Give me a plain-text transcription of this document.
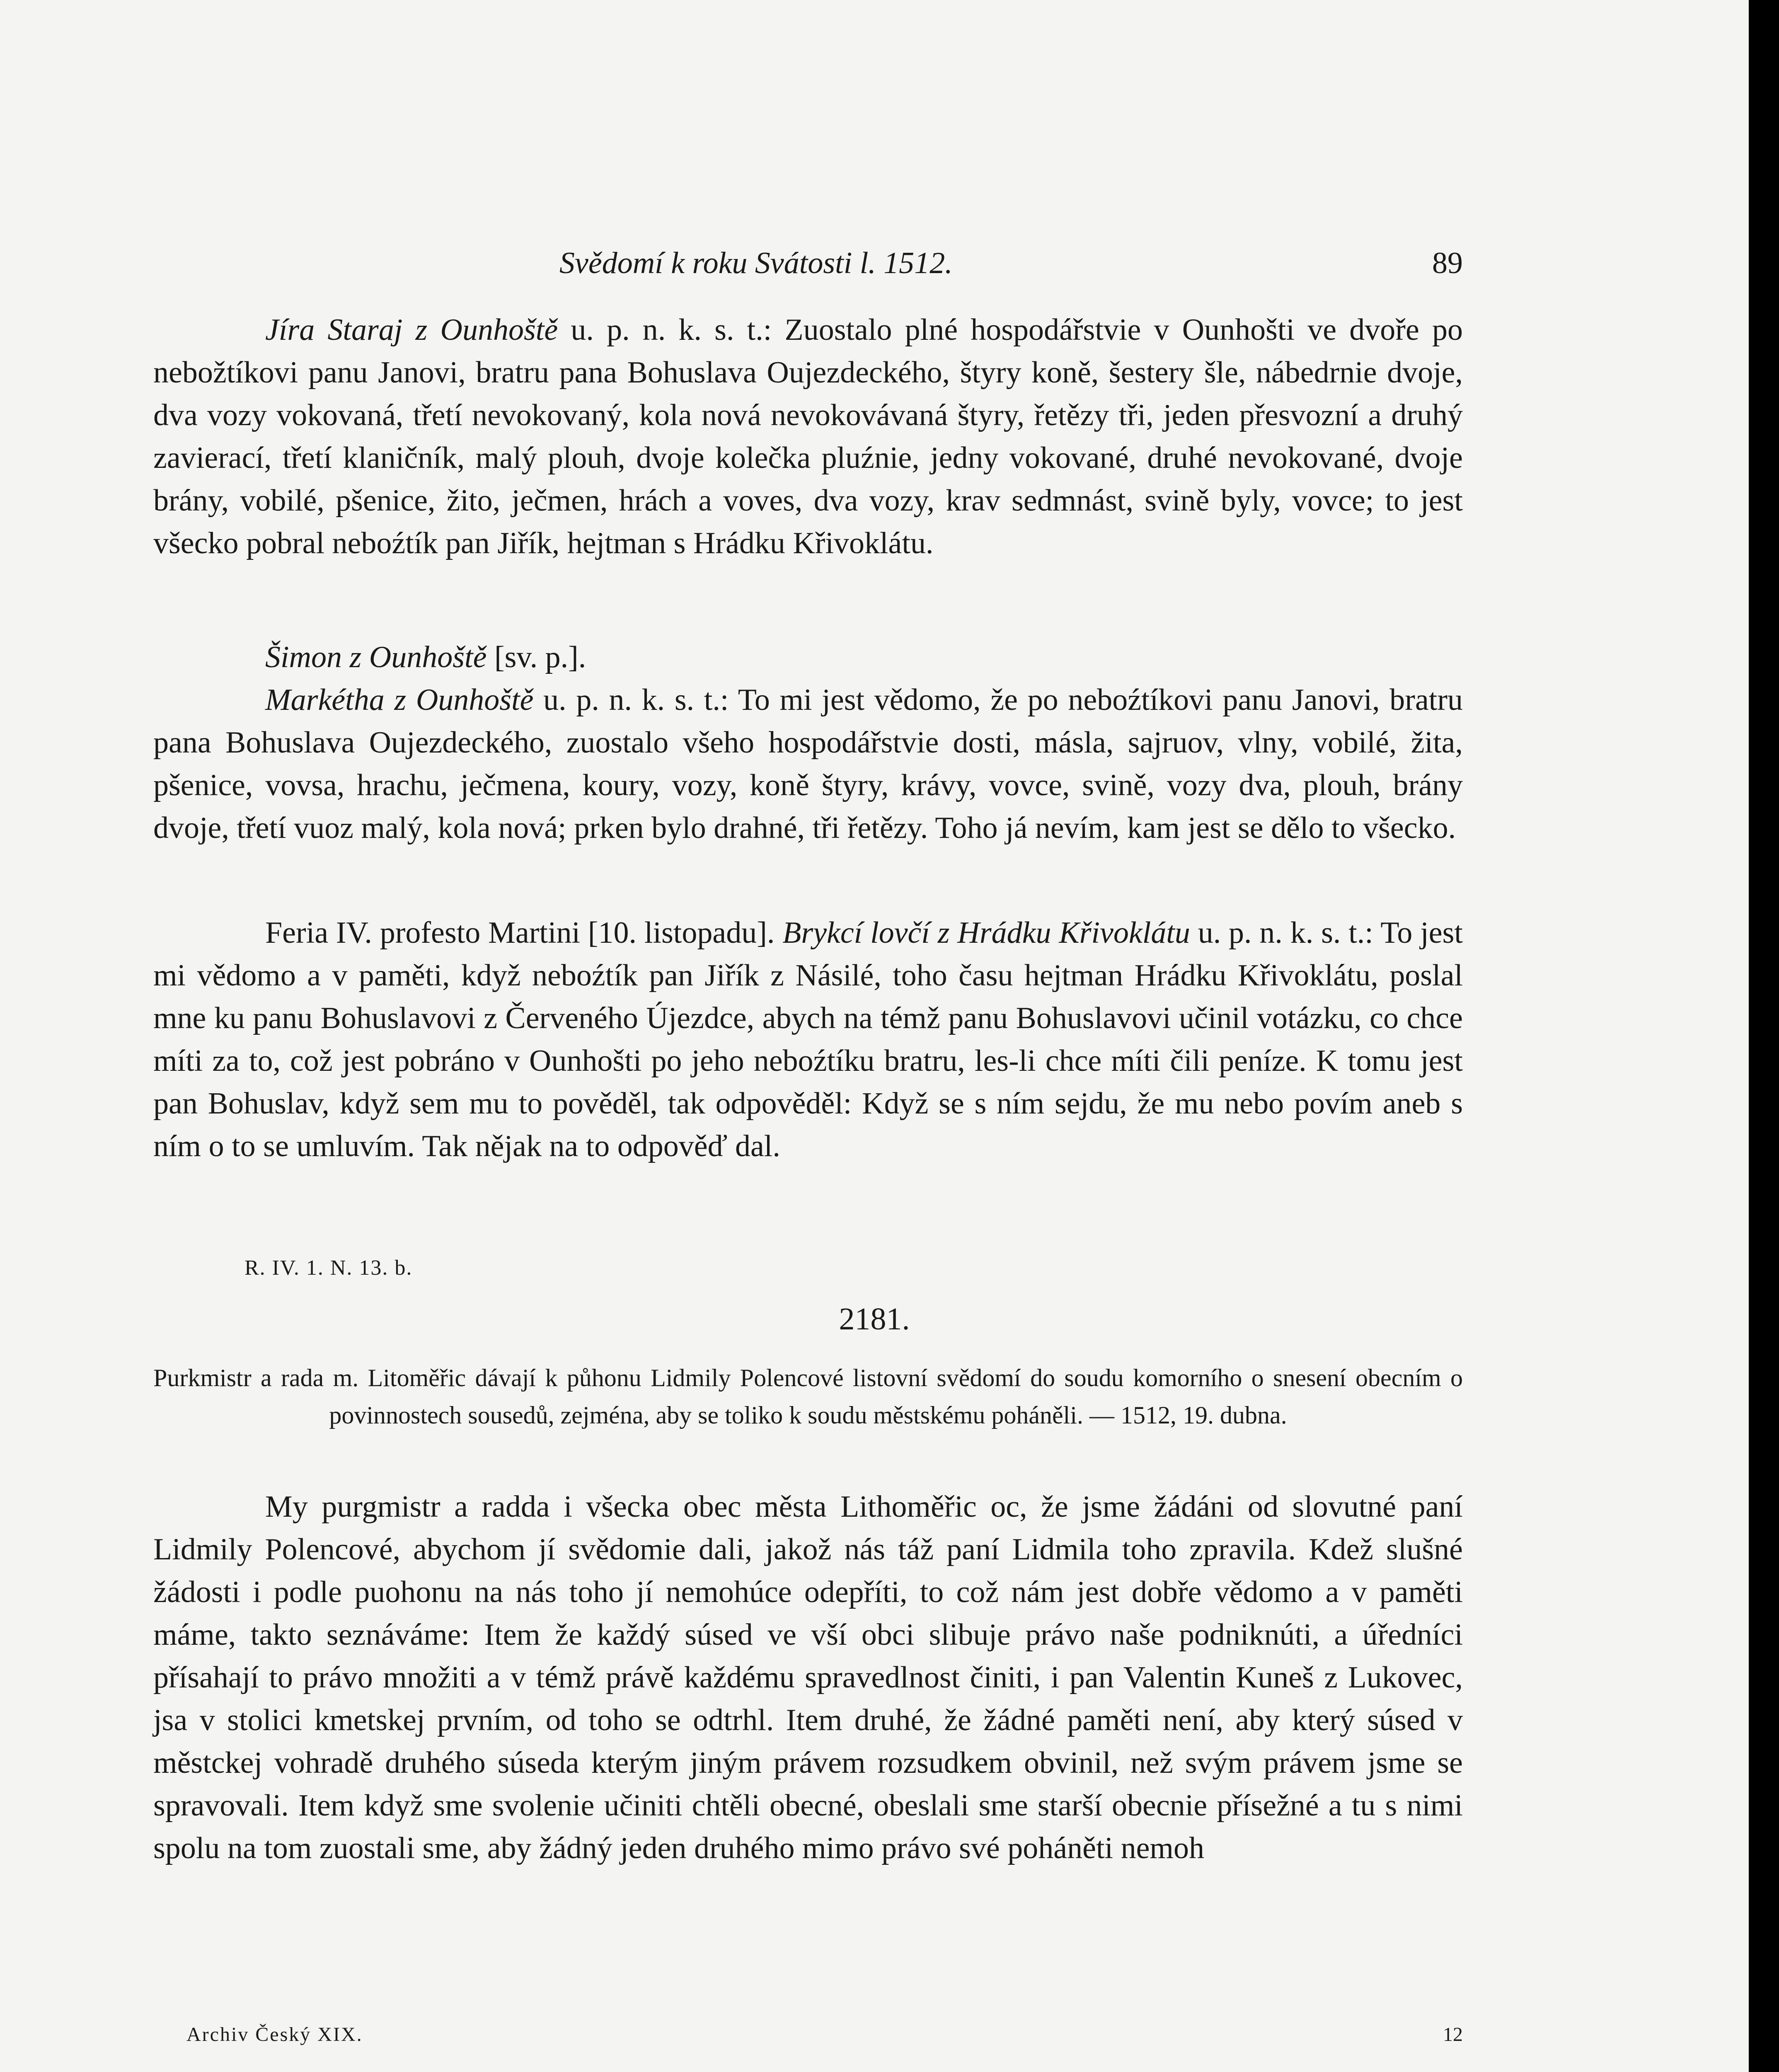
Svědomí k roku Svátosti l. 1512.	89

Jíra Staraj z Ounhoště u. p. n. k. s. t.: Zuostalo plné hospodářstvie v Ounhošti ve dvoře po nebožtíkovi panu Janovi, bratru pana Bohuslava Oujezdeckého, štyry koně, šestery šle, nábedrnie dvoje, dva vozy vokovaná, třetí nevokovaný, kola nová nevokovávaná štyry, řetězy tři, jeden přesvozní a druhý zavierací, třetí klaničník, malý plouh, dvoje kolečka pluźnie, jedny vokované, druhé nevokované, dvoje brány, vobilé, pšenice, žito, ječmen, hrách a voves, dva vozy, krav sedmnást, svině byly, vovce; to jest všecko pobral neboźtík pan Jiřík, hejtman s Hrádku Křivoklátu.

Šimon z Ounhoště [sv. p.].

Markétha z Ounhoště u. p. n. k. s. t.: To mi jest vědomo, že po neboźtíkovi panu Janovi, bratru pana Bohuslava Oujezdeckého, zuostalo všeho hospodářstvie dosti, másla, sajruov, vlny, vobilé, žita, pšenice, vovsa, hrachu, ječmena, koury, vozy, koně štyry, krávy, vovce, svině, vozy dva, plouh, brány dvoje, třetí vuoz malý, kola nová; prken bylo drahné, tři řetězy. Toho já nevím, kam jest se dělo to všecko.

Feria IV. profesto Martini [10. listopadu]. Brykcí lovčí z Hrádku Křivoklátu u. p. n. k. s. t.: To jest mi vědomo a v paměti, když neboźtík pan Jiřík z Násilé, toho času hejtman Hrádku Křivoklátu, poslal mne ku panu Bohuslavovi z Červeného Újezdce, abych na témž panu Bohuslavovi učinil votázku, co chce míti za to, což jest pobráno v Ounhošti po jeho neboźtíku bratru, les-li chce míti čili peníze. K tomu jest pan Bohuslav, když sem mu to pověděl, tak odpověděl: Když se s ním sejdu, že mu nebo povím aneb s ním o to se umluvím. Tak nějak na to odpověď dal.

R. IV. 1. N. 13. b.
2181.
Purkmistr a rada m. Litoměřic dávají k půhonu Lidmily Polencové listovní svědomí do soudu komorního o snesení obecním o povinnostech sousedů, zejména, aby se toliko k soudu městskému poháněli. — 1512, 19. dubna.

My purgmistr a radda i všecka obec města Lithoměřic oc, že jsme žádáni od slovutné paní Lidmily Polencové, abychom jí svědomie dali, jakož nás táž paní Lidmila toho zpravila. Kdež slušné žádosti i podle puohonu na nás toho jí nemohúce odepříti, to což nám jest dobře vědomo a v paměti máme, takto seznáváme: Item že každý súsed ve vší obci slibuje právo naše podniknúti, a úředníci přísahají to právo množiti a v témž právě každému spravedlnost činiti, i pan Valentin Kuneš z Lukovec, jsa v stolici kmetskej prvním, od toho se odtrhl. Item druhé, že žádné paměti není, aby který súsed v městckej vohradě druhého súseda kterým jiným právem rozsudkem obvinil, než svým právem jsme se spravovali. Item když sme svolenie učiniti chtěli obecné, obeslali sme starší obecnie přísežné a tu s nimi spolu na tom zuostali sme, aby žádný jeden druhého mimo právo své poháněti nemoh

Archiv Český XIX.	12
